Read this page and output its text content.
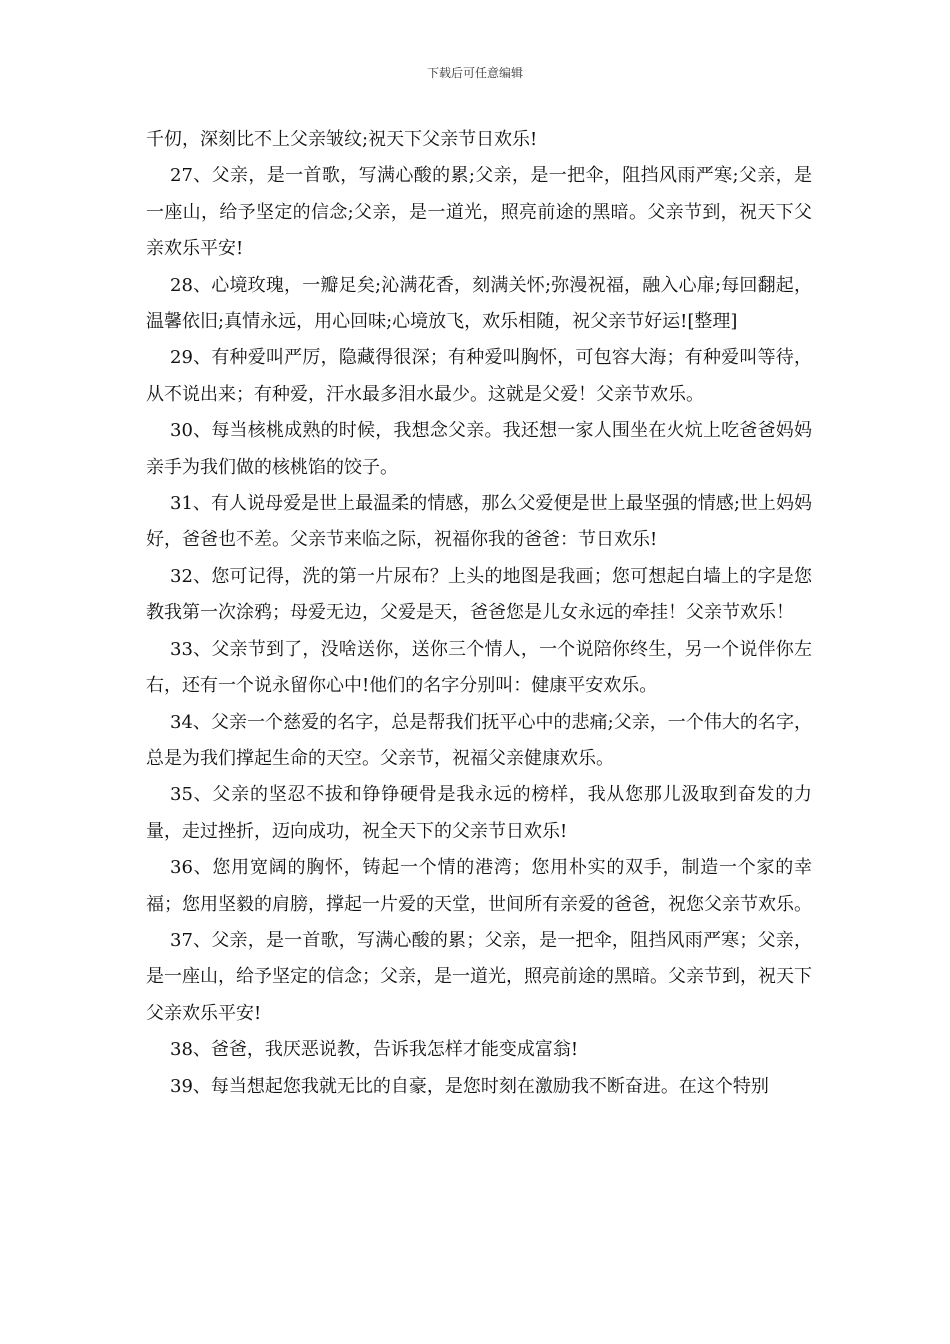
下载后可任意编辑

千仞，深刻比不上父亲皱纹;祝天下父亲节日欢乐!

27、父亲，是一首歌，写满心酸的累;父亲，是一把伞，阻挡风雨严寒;父亲，是一座山，给予坚定的信念;父亲，是一道光，照亮前途的黑暗。父亲节到，祝天下父亲欢乐平安!

28、心境玫瑰，一瓣足矣;沁满花香，刻满关怀;弥漫祝福，融入心扉;每回翻起，温馨依旧;真情永远，用心回味;心境放飞，欢乐相随，祝父亲节好运![整理]

29、有种爱叫严厉，隐藏得很深；有种爱叫胸怀，可包容大海；有种爱叫等待，从不说出来；有种爱，汗水最多泪水最少。这就是父爱！父亲节欢乐。

30、每当核桃成熟的时候，我想念父亲。我还想一家人围坐在火炕上吃爸爸妈妈亲手为我们做的核桃馅的饺子。

31、有人说母爱是世上最温柔的情感，那么父爱便是世上最坚强的情感;世上妈妈好，爸爸也不差。父亲节来临之际，祝福你我的爸爸：节日欢乐!

32、您可记得，洗的第一片尿布？上头的地图是我画；您可想起白墙上的字是您教我第一次涂鸦；母爱无边，父爱是天，爸爸您是儿女永远的牵挂！父亲节欢乐！

33、父亲节到了，没啥送你，送你三个情人，一个说陪你终生，另一个说伴你左右，还有一个说永留你心中!他们的名字分别叫：健康平安欢乐。

34、父亲一个慈爱的名字，总是帮我们抚平心中的悲痛;父亲，一个伟大的名字，总是为我们撑起生命的天空。父亲节，祝福父亲健康欢乐。

35、父亲的坚忍不拔和铮铮硬骨是我永远的榜样，我从您那儿汲取到奋发的力量，走过挫折，迈向成功，祝全天下的父亲节日欢乐!

36、您用宽阔的胸怀，铸起一个情的港湾；您用朴实的双手，制造一个家的幸福；您用坚毅的肩膀，撑起一片爱的天堂，世间所有亲爱的爸爸，祝您父亲节欢乐。

37、父亲，是一首歌，写满心酸的累；父亲，是一把伞，阻挡风雨严寒；父亲，是一座山，给予坚定的信念；父亲，是一道光，照亮前途的黑暗。父亲节到，祝天下父亲欢乐平安!

38、爸爸，我厌恶说教，告诉我怎样才能变成富翁!

39、每当想起您我就无比的自豪，是您时刻在激励我不断奋进。在这个特别
